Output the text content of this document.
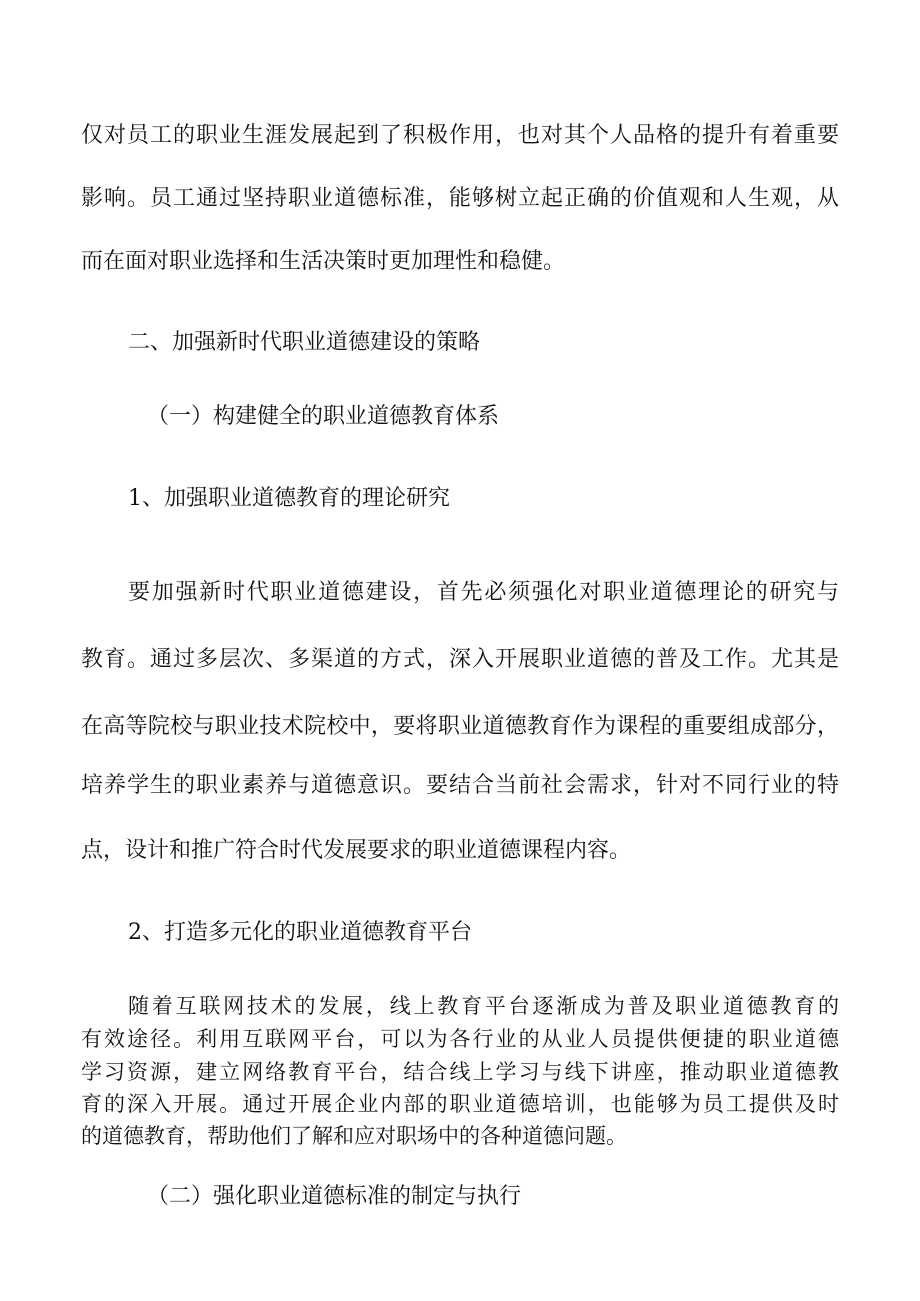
仅对员工的职业生涯发展起到了积极作用，也对其个人品格的提升有着重要
影响。员工通过坚持职业道德标准，能够树立起正确的价值观和人生观，从
而在面对职业选择和生活决策时更加理性和稳健。
二、加强新时代职业道德建设的策略
（一）构建健全的职业道德教育体系
1、加强职业道德教育的理论研究
要加强新时代职业道德建设，首先必须强化对职业道德理论的研究与
教育。通过多层次、多渠道的方式，深入开展职业道德的普及工作。尤其是
在高等院校与职业技术院校中，要将职业道德教育作为课程的重要组成部分，
培养学生的职业素养与道德意识。要结合当前社会需求，针对不同行业的特
点，设计和推广符合时代发展要求的职业道德课程内容。
2、打造多元化的职业道德教育平台
随着互联网技术的发展，线上教育平台逐渐成为普及职业道德教育的
有效途径。利用互联网平台，可以为各行业的从业人员提供便捷的职业道德
学习资源，建立网络教育平台，结合线上学习与线下讲座，推动职业道德教
育的深入开展。通过开展企业内部的职业道德培训，也能够为员工提供及时
的道德教育，帮助他们了解和应对职场中的各种道德问题。
（二）强化职业道德标准的制定与执行
